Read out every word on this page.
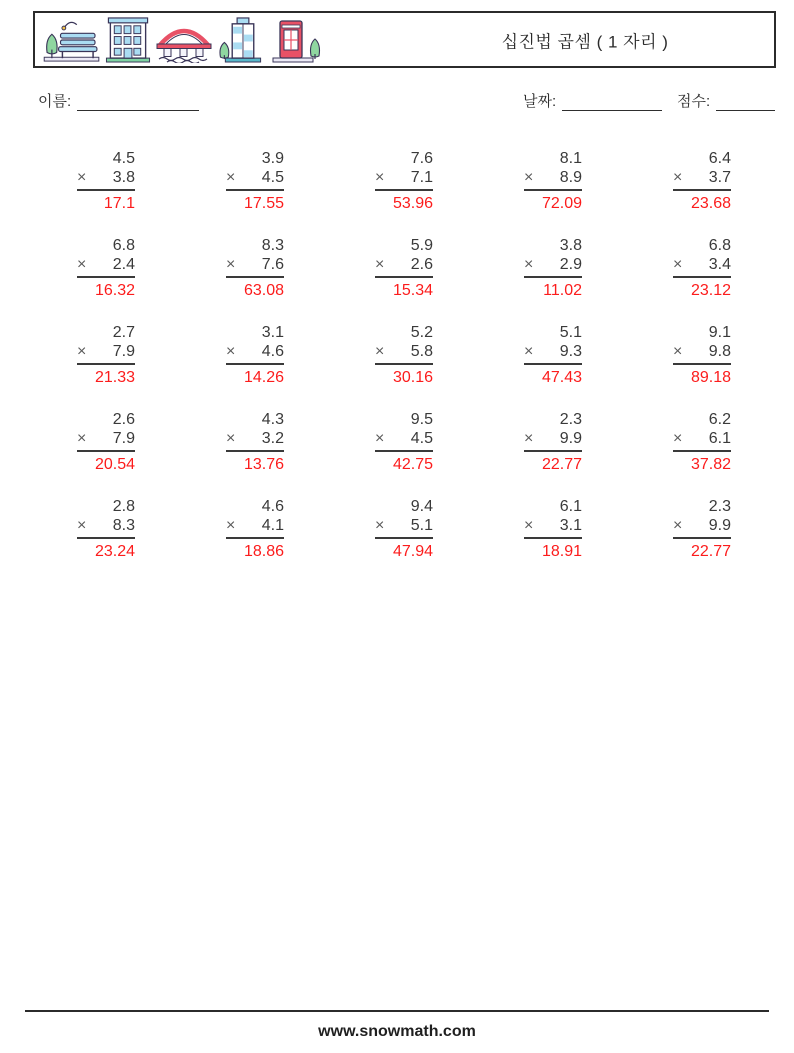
십진법 곱셈 ( 1 자리 )
이름:	날짜:	점수:
4.5
× 3.8
17.1
3.9
× 4.5
17.55
7.6
× 7.1
53.96
8.1
× 8.9
72.09
6.4
× 3.7
23.68
6.8
× 2.4
16.32
8.3
× 7.6
63.08
5.9
× 2.6
15.34
3.8
× 2.9
11.02
6.8
× 3.4
23.12
2.7
× 7.9
21.33
3.1
× 4.6
14.26
5.2
× 5.8
30.16
5.1
× 9.3
47.43
9.1
× 9.8
89.18
2.6
× 7.9
20.54
4.3
× 3.2
13.76
9.5
× 4.5
42.75
2.3
× 9.9
22.77
6.2
× 6.1
37.82
2.8
× 8.3
23.24
4.6
× 4.1
18.86
9.4
× 5.1
47.94
6.1
× 3.1
18.91
2.3
× 9.9
22.77
www.snowmath.com
